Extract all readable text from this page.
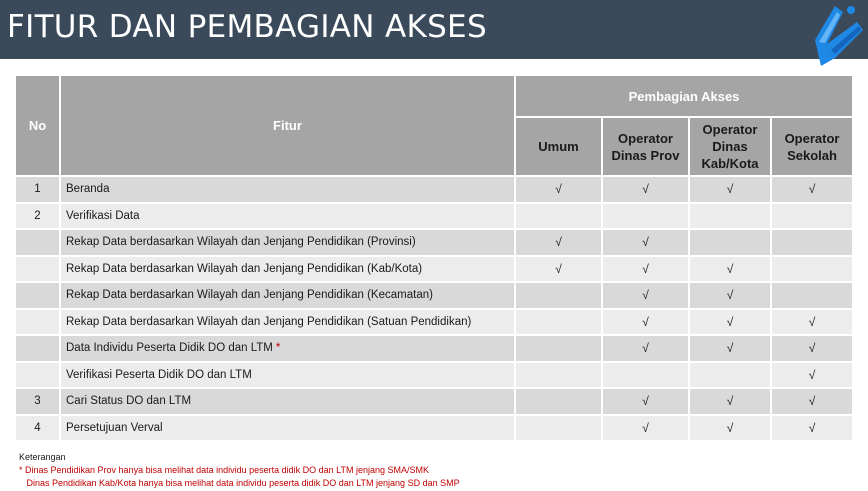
FITUR DAN PEMBAGIAN AKSES
No	Fitur	Pembagian Akses			
		Umum	Operator Dinas Prov	Operator Dinas Kab/Kota	Operator Sekolah
1	Beranda	√	√	√	√
2	Verifikasi Data				
	Rekap Data berdasarkan Wilayah dan Jenjang Pendidikan (Provinsi)	√	√		
	Rekap Data berdasarkan Wilayah dan Jenjang Pendidikan (Kab/Kota)	√	√	√	
	Rekap Data berdasarkan Wilayah dan Jenjang Pendidikan (Kecamatan)		√	√	
	Rekap Data berdasarkan Wilayah dan Jenjang Pendidikan (Satuan Pendidikan)		√	√	√
	Data Individu Peserta Didik DO dan LTM *		√	√	√
	Verifikasi Peserta Didik DO dan LTM				√
3	Cari Status DO dan LTM		√	√	√
4	Persetujuan Verval		√	√	√
Keterangan
* Dinas Pendidikan Prov hanya bisa melihat data individu peserta didik DO dan LTM jenjang SMA/SMK
Dinas Pendidikan Kab/Kota hanya bisa melihat data individu peserta didik DO dan LTM jenjang SD dan SMP
